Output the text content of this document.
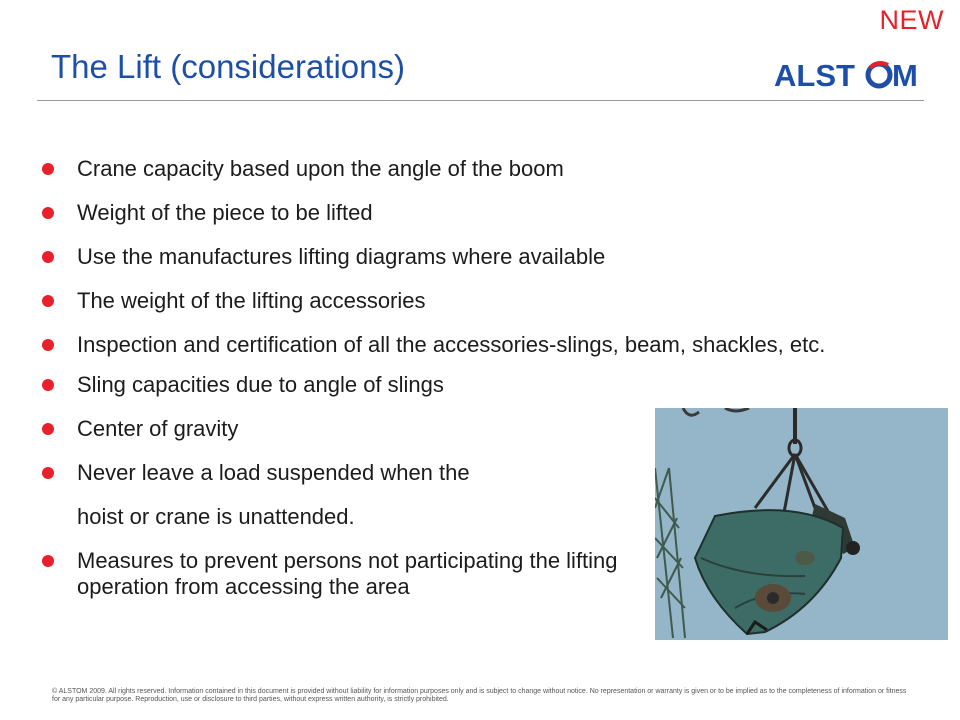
NEW
The Lift (considerations)	ALST M
Crane capacity based upon the angle of the boom
Weight of the piece to be lifted
Use the manufactures lifting diagrams where available
The weight of the lifting accessories
Inspection and certification of all the accessories-slings, beam, shackles, etc.
Sling capacities due to angle of slings
Center of gravity
Never leave a load suspended when the
hoist or crane is unattended.
Measures to prevent persons not participating the lifting operation from accessing the area
© ALSTOM 2009. All rights reserved. Information contained in this document is provided without liability for information purposes only and is subject to change without notice. No representation or warranty is given or to be implied as to the completeness of information or fitness for any particular purpose. Reproduction, use or disclosure to third parties, without express written authority, is strictly prohibited.
